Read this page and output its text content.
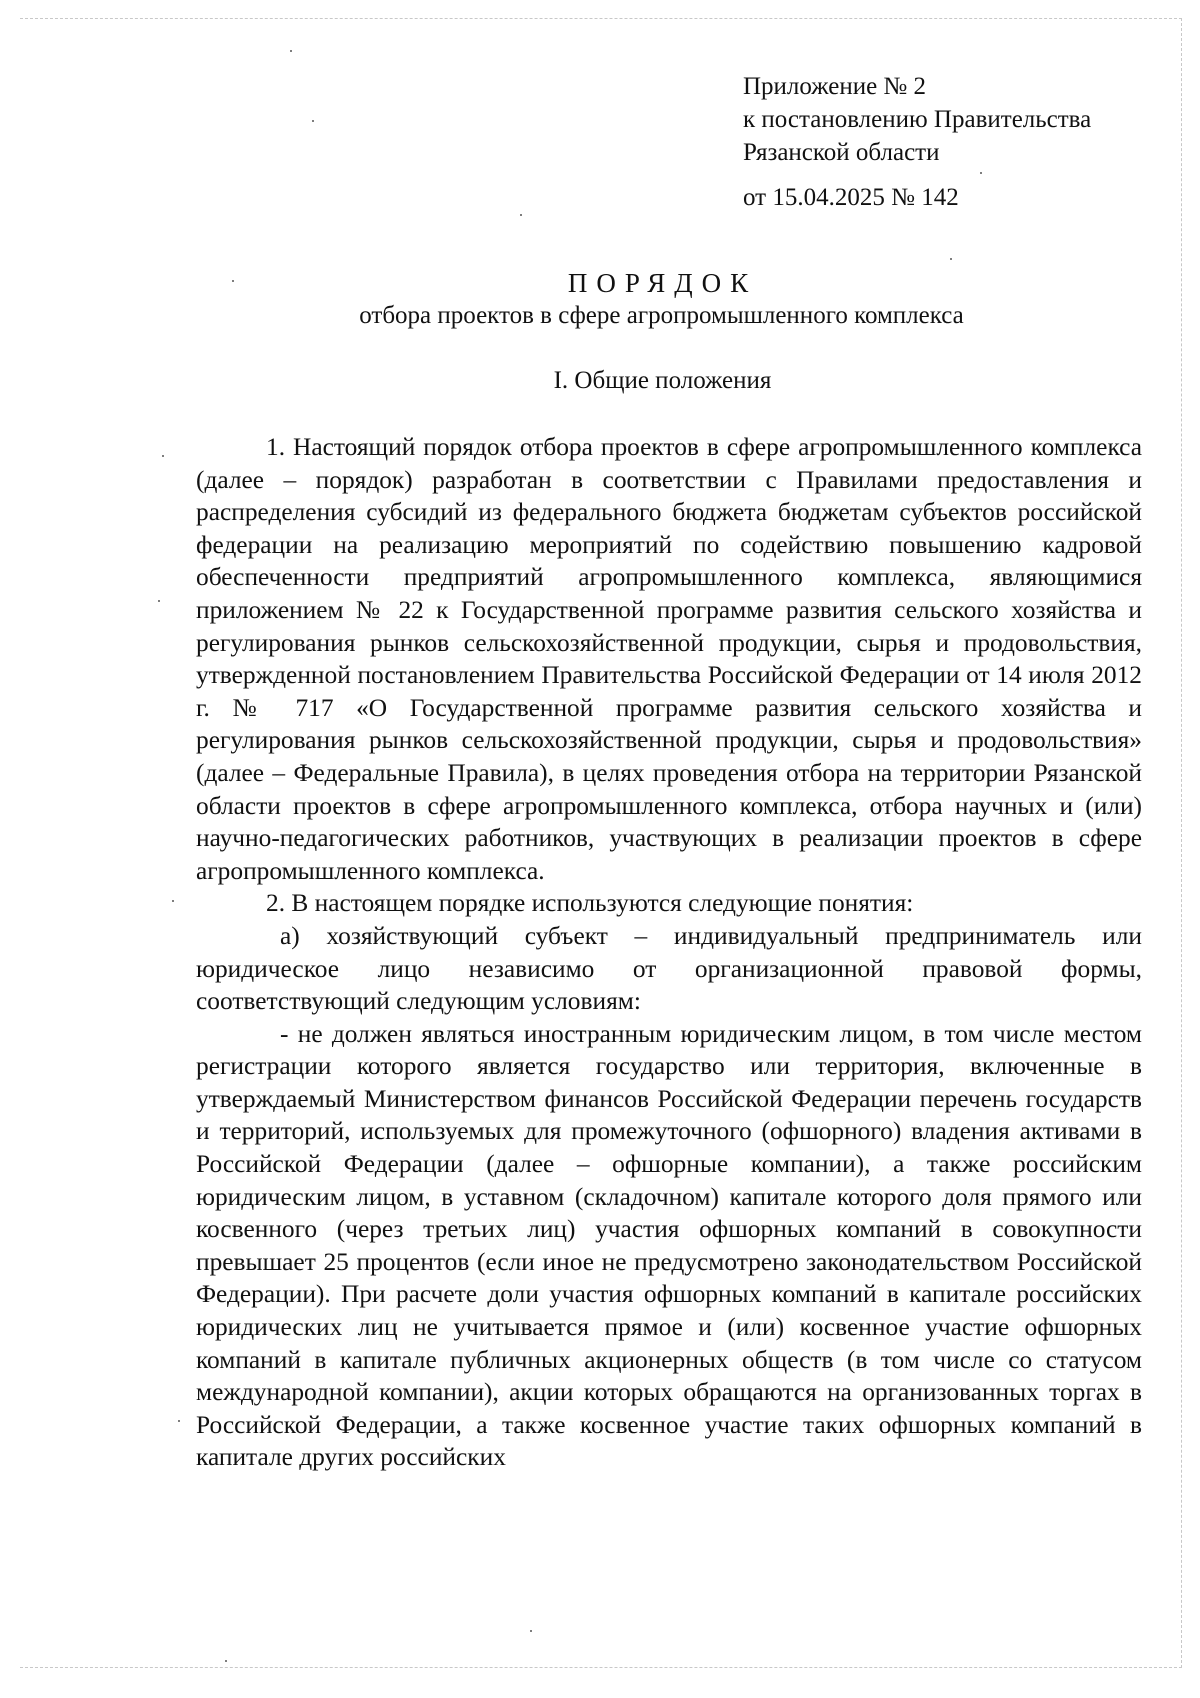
Приложение № 2
к постановлению Правительства
Рязанской области
от 15.04.2025 № 142
ПОРЯДОК
отбора проектов в сфере агропромышленного комплекса
I. Общие положения

1. Настоящий порядок отбора проектов в сфере агропромышленного комплекса (далее – порядок) разработан в соответствии с Правилами предоставления и распределения субсидий из федерального бюджета бюджетам субъектов российской федерации на реализацию мероприятий по содействию повышению кадровой обеспеченности предприятий агропромышленного комплекса, являющимися приложением № 22 к Государственной программе развития сельского хозяйства и регулирования рынков сельскохозяйственной продукции, сырья и продовольствия, утвержденной постановлением Правительства Российской Федерации от 14 июля 2012 г. № 717 «О Государственной программе развития сельского хозяйства и регулирования рынков сельскохозяйственной продукции, сырья и продовольствия» (далее – Федеральные Правила), в целях проведения отбора на территории Рязанской области проектов в сфере агропромышленного комплекса, отбора научных и (или) научно-педагогических работников, участвующих в реализации проектов в сфере агропромышленного комплекса.

2. В настоящем порядке используются следующие понятия:

а) хозяйствующий субъект – индивидуальный предприниматель или юридическое лицо независимо от организационной правовой формы, соответствующий следующим условиям:

- не должен являться иностранным юридическим лицом, в том числе местом регистрации которого является государство или территория, включенные в утверждаемый Министерством финансов Российской Федерации перечень государств и территорий, используемых для промежуточного (офшорного) владения активами в Российской Федерации (далее – офшорные компании), а также российским юридическим лицом, в уставном (складочном) капитале которого доля прямого или косвенного (через третьих лиц) участия офшорных компаний в совокупности превышает 25 процентов (если иное не предусмотрено законодательством Российской Федерации). При расчете доли участия офшорных компаний в капитале российских юридических лиц не учитывается прямое и (или) косвенное участие офшорных компаний в капитале публичных акционерных обществ (в том числе со статусом международной компании), акции которых обращаются на организованных торгах в Российской Федерации, а также косвенное участие таких офшорных компаний в капитале других российских
